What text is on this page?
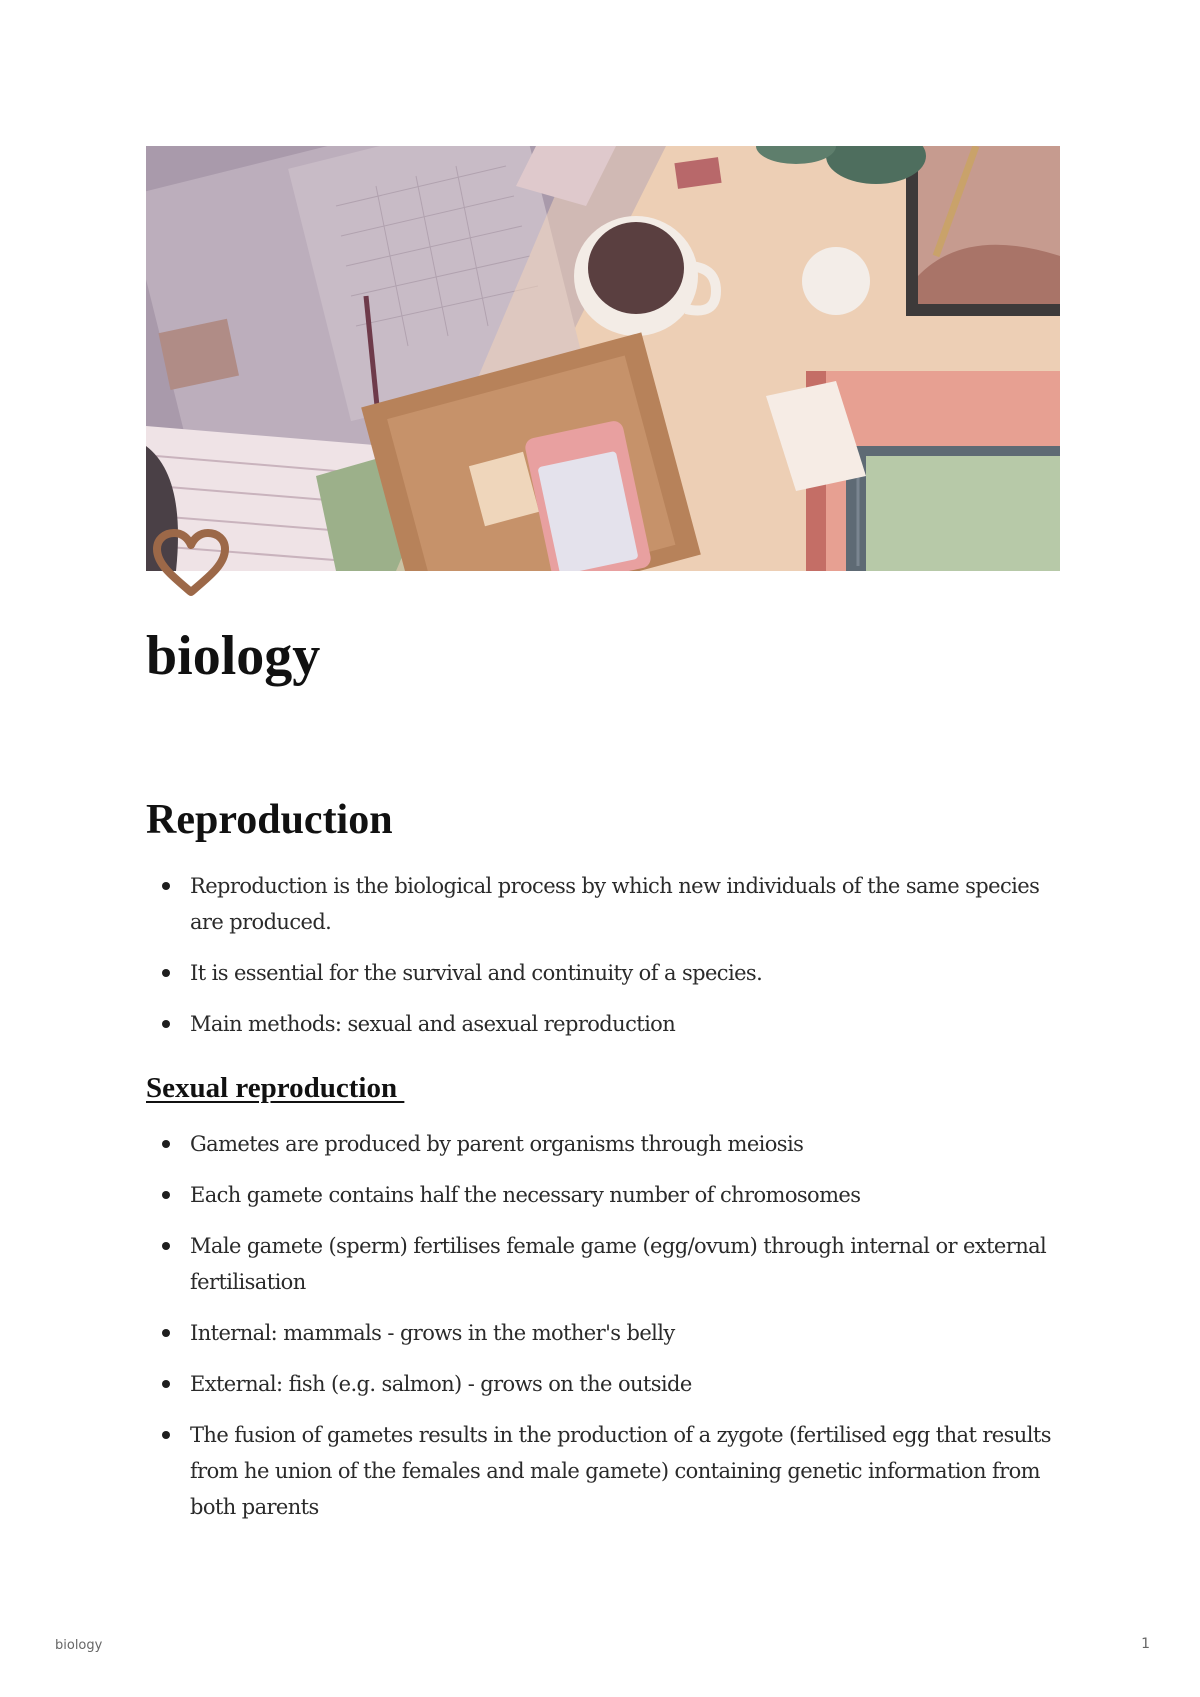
biology
Reproduction
Reproduction is the biological process by which new individuals of the same species are produced.
It is essential for the survival and continuity of a species.
Main methods: sexual and asexual reproduction
Sexual reproduction
Gametes are produced by parent organisms through meiosis
Each gamete contains half the necessary number of chromosomes
Male gamete (sperm) fertilises female game (egg/ovum) through internal or external fertilisation
Internal: mammals - grows in the mother's belly
External: fish (e.g. salmon) - grows on the outside
The fusion of gametes results in the production of a zygote (fertilised egg that results from he union of the females and male gamete) containing genetic information from both parents
biology	1
